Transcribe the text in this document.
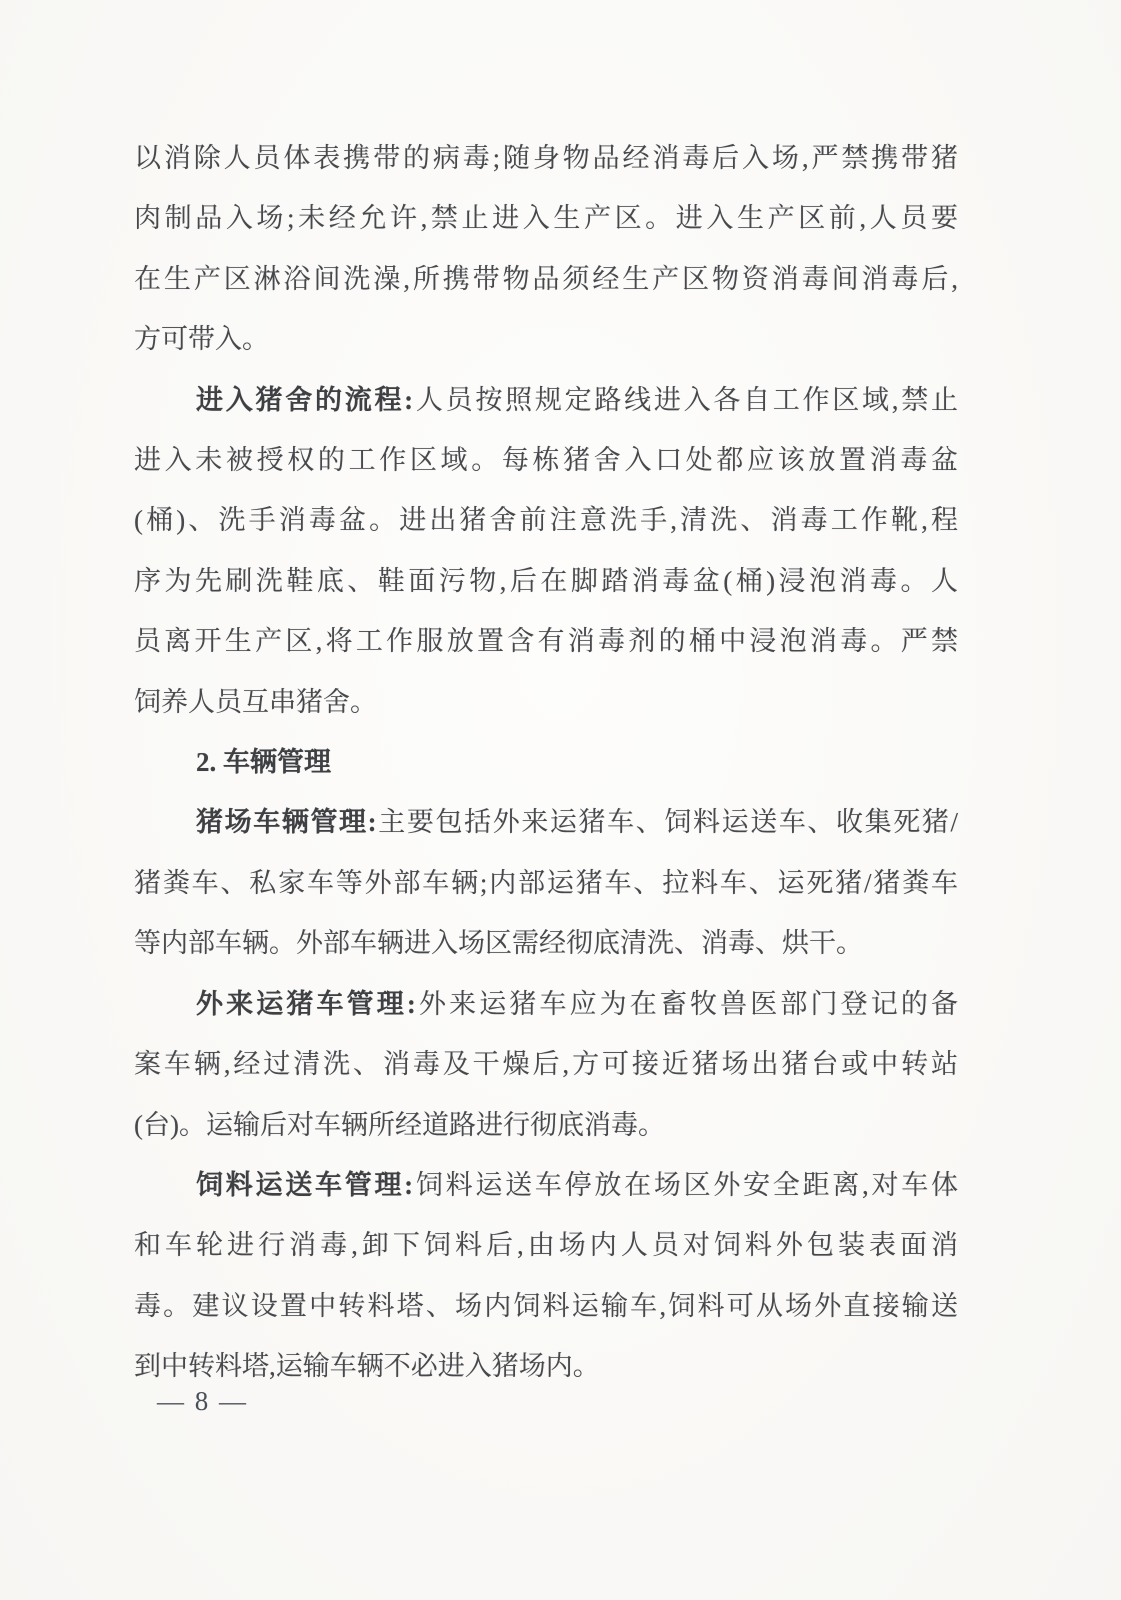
以消除人员体表携带的病毒;随身物品经消毒后入场,严禁携带猪
肉制品入场;未经允许,禁止进入生产区。进入生产区前,人员要
在生产区淋浴间洗澡,所携带物品须经生产区物资消毒间消毒后,
方可带入。
进入猪舍的流程:人员按照规定路线进入各自工作区域,禁止
进入未被授权的工作区域。每栋猪舍入口处都应该放置消毒盆
(桶)、洗手消毒盆。进出猪舍前注意洗手,清洗、消毒工作靴,程
序为先刷洗鞋底、鞋面污物,后在脚踏消毒盆(桶)浸泡消毒。人
员离开生产区,将工作服放置含有消毒剂的桶中浸泡消毒。严禁
饲养人员互串猪舍。
2. 车辆管理
猪场车辆管理:主要包括外来运猪车、饲料运送车、收集死猪/
猪粪车、私家车等外部车辆;内部运猪车、拉料车、运死猪/猪粪车
等内部车辆。外部车辆进入场区需经彻底清洗、消毒、烘干。
外来运猪车管理:外来运猪车应为在畜牧兽医部门登记的备
案车辆,经过清洗、消毒及干燥后,方可接近猪场出猪台或中转站
(台)。运输后对车辆所经道路进行彻底消毒。
饲料运送车管理:饲料运送车停放在场区外安全距离,对车体
和车轮进行消毒,卸下饲料后,由场内人员对饲料外包装表面消
毒。建议设置中转料塔、场内饲料运输车,饲料可从场外直接输送
到中转料塔,运输车辆不必进入猪场内。
— 8 —
